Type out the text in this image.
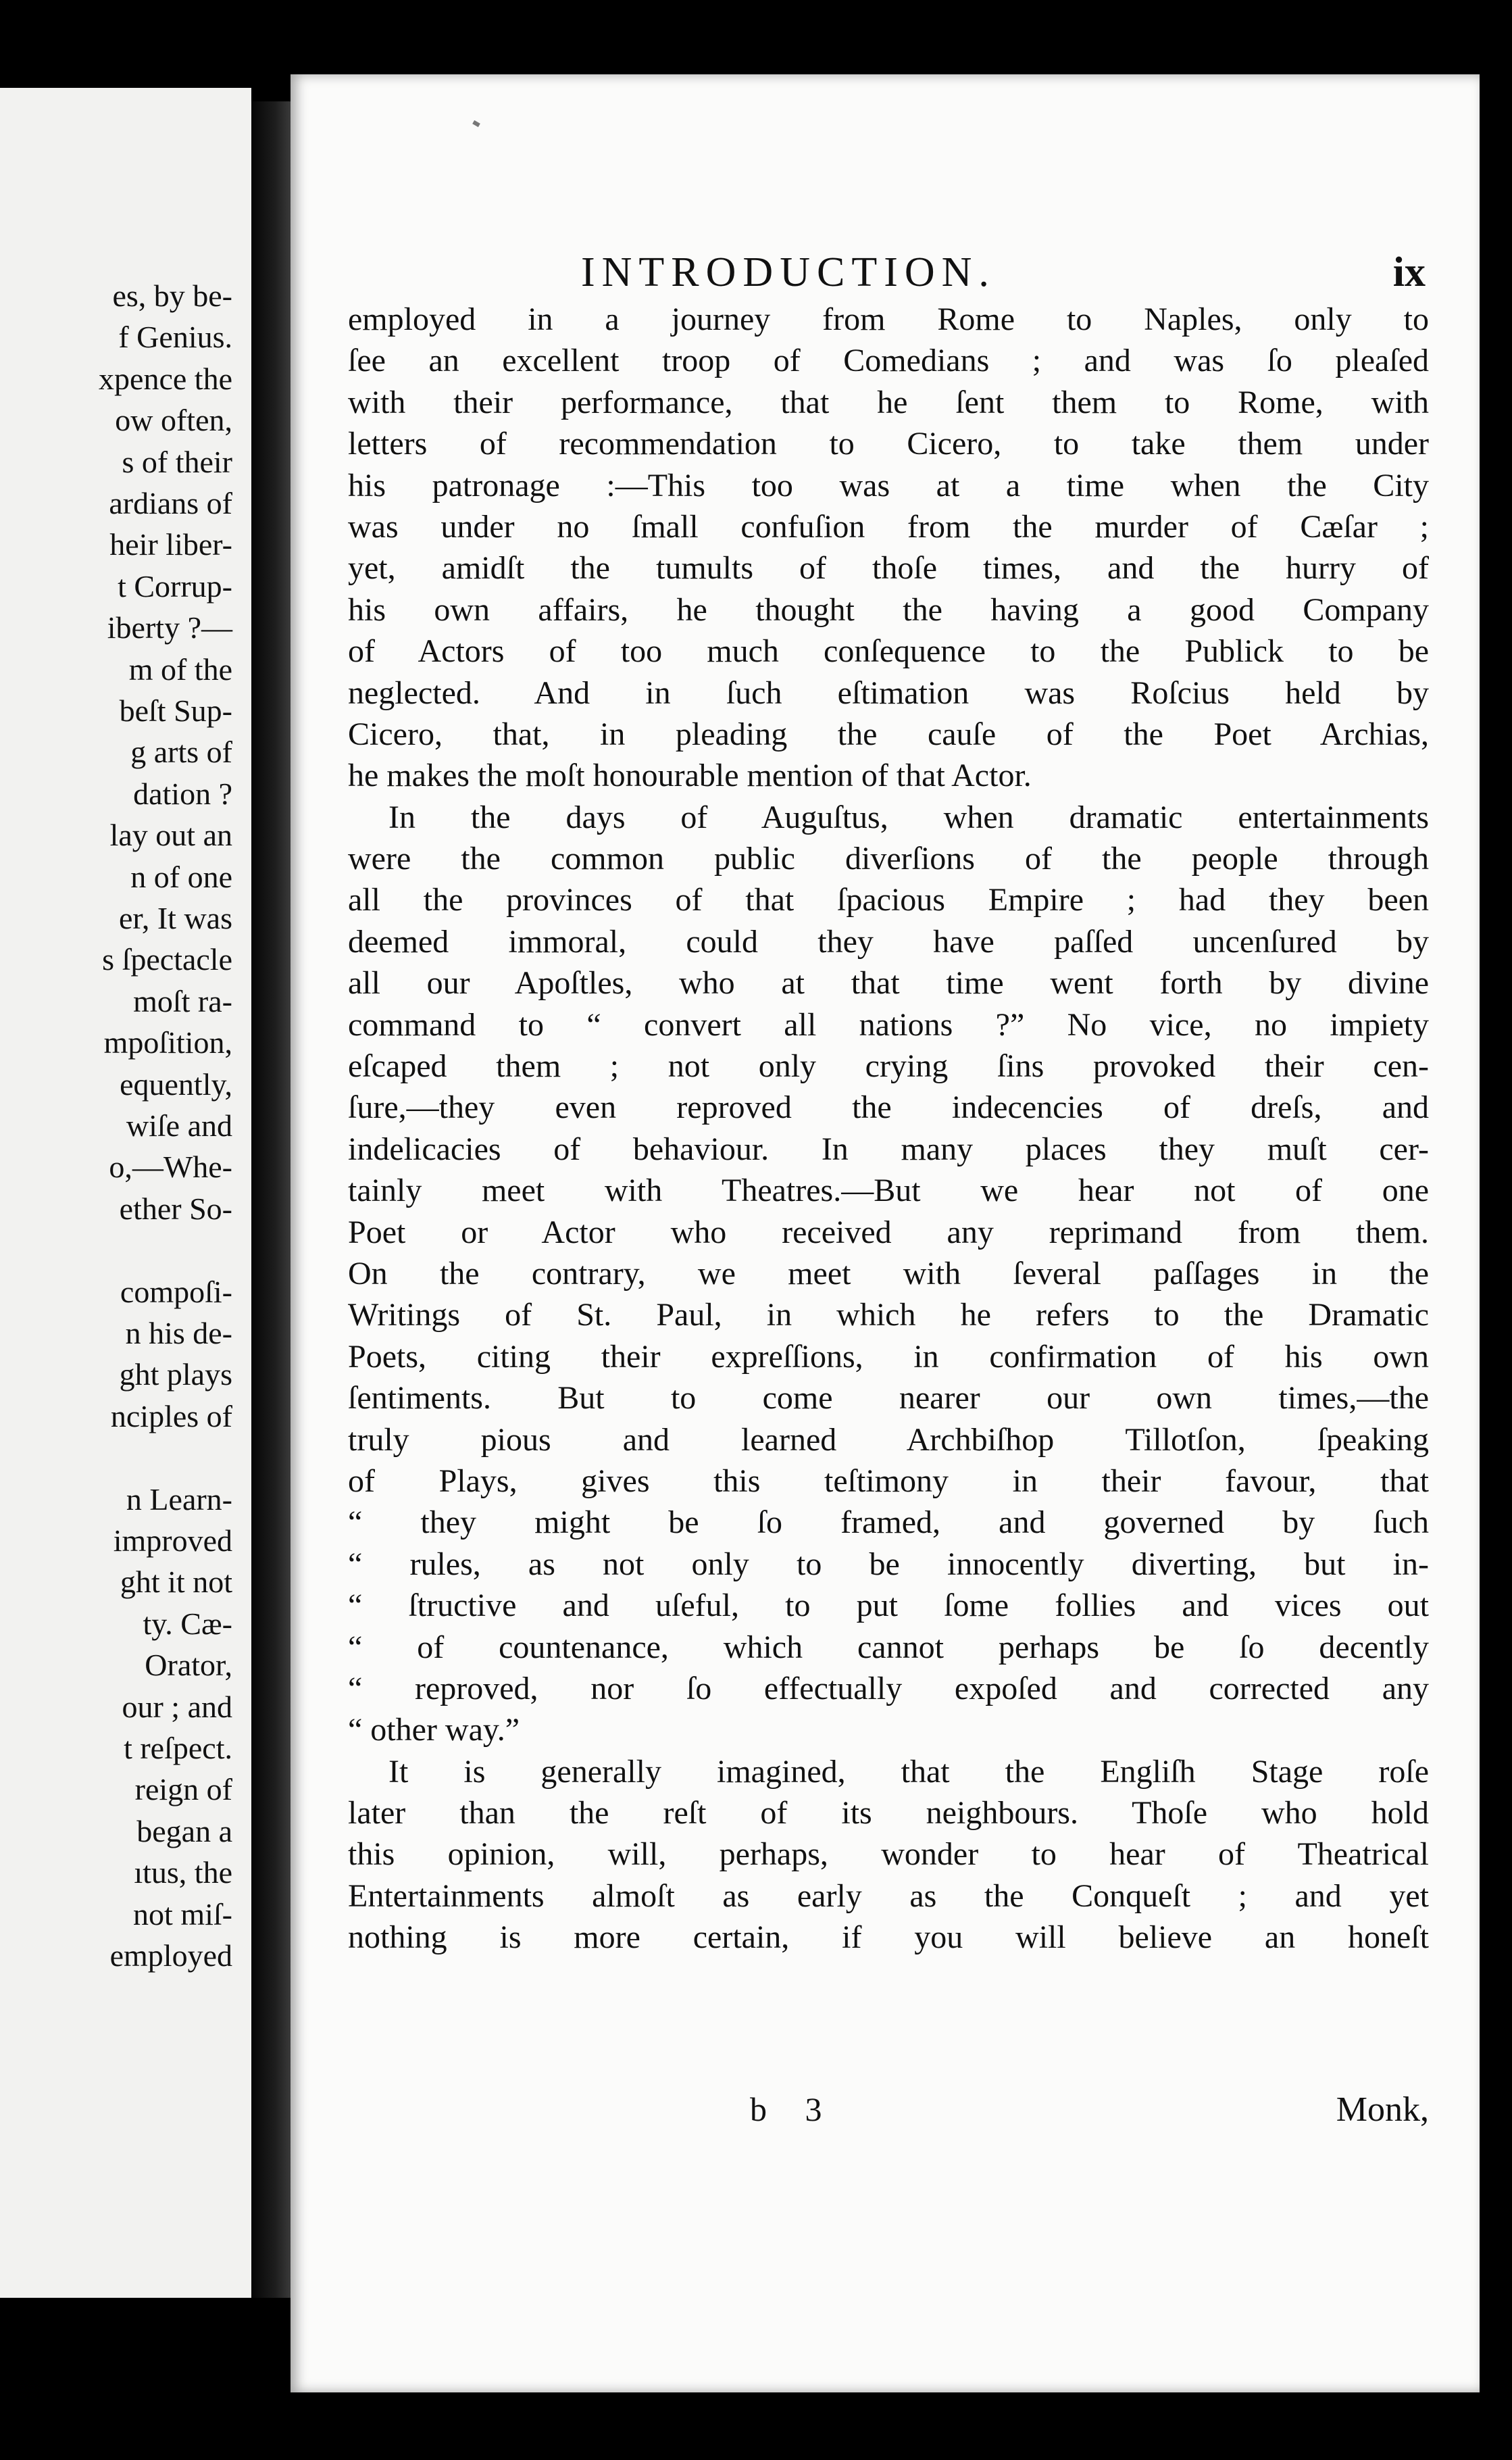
es, by be-
f Genius.
xpence the
ow often,
s of their
ardians of
heir liber-
t Corrup-
iberty ?—
m of the
beſt Sup-
g arts of
dation ?
lay out an
n of one
er, It was
s ſpectacle
moſt ra-
mpoſition,
equently,
wiſe and
o,—Whe-
ether So-
compoſi-
n his de-
ght plays
nciples of
n Learn-
improved
ght it not
ty. Cæ-
Orator,
our ; and
t reſpect.
reign of
began a
ıtus, the
not miſ-
employed
INTRODUCTION.	ix
employed in a journey from Rome to Naples, only to
ſee an excellent troop of Comedians ; and was ſo pleaſed
with their performance, that he ſent them to Rome, with
letters of recommendation to Cicero, to take them under
his patronage :—This too was at a time when the City
was under no ſmall confuſion from the murder of Cæſar ;
yet, amidſt the tumults of thoſe times, and the hurry of
his own affairs, he thought the having a good Company
of Actors of too much conſequence to the Publick to be
neglected. And in ſuch eſtimation was Roſcius held by
Cicero, that, in pleading the cauſe of the Poet Archias,
he makes the moſt honourable mention of that Actor.
In the days of Auguſtus, when dramatic entertainments
were the common public diverſions of the people through
all the provinces of that ſpacious Empire ; had they been
deemed immoral, could they have paſſed uncenſured by
all our Apoſtles, who at that time went forth by divine
command to “ convert all nations ?” No vice, no impiety
eſcaped them ; not only crying ſins provoked their cen-
ſure,—they even reproved the indecencies of dreſs, and
indelicacies of behaviour. In many places they muſt cer-
tainly meet with Theatres.—But we hear not of one
Poet or Actor who received any reprimand from them.
On the contrary, we meet with ſeveral paſſages in the
Writings of St. Paul, in which he refers to the Dramatic
Poets, citing their expreſſions, in confirmation of his own
ſentiments. But to come nearer our own times,—the
truly pious and learned Archbiſhop Tillotſon, ſpeaking
of Plays, gives this teſtimony in their favour, that
“ they might be ſo framed, and governed by ſuch
“ rules, as not only to be innocently diverting, but in-
“ ſtructive and uſeful, to put ſome follies and vices out
“ of countenance, which cannot perhaps be ſo decently
“ reproved, nor ſo effectually expoſed and corrected any
“ other way.”
It is generally imagined, that the Engliſh Stage roſe
later than the reſt of its neighbours. Thoſe who hold
this opinion, will, perhaps, wonder to hear of Theatrical
Entertainments almoſt as early as the Conqueſt ; and yet
nothing is more certain, if you will believe an honeſt
b 3	Monk,
